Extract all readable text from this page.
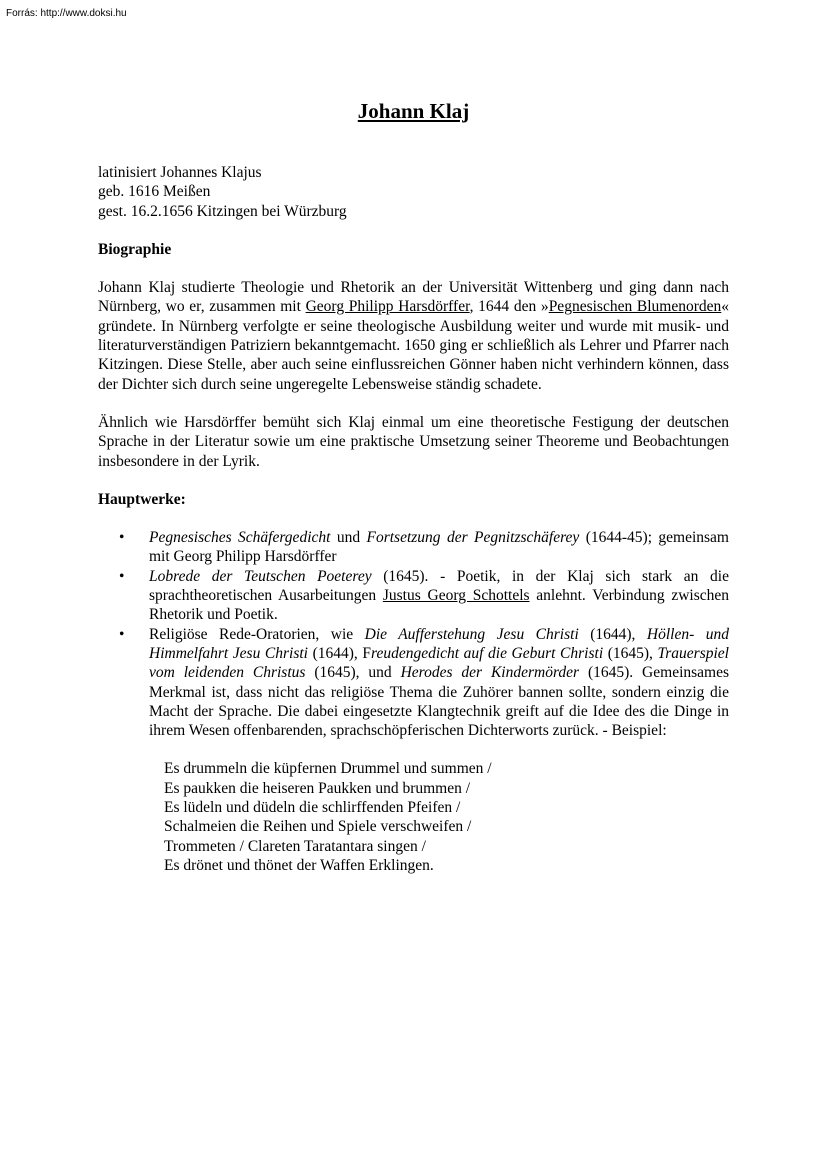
Forrás: http://www.doksi.hu
Johann Klaj

latinisiert Johannes Klajus

geb. 1616 Meißen

gest. 16.2.1656 Kitzingen bei Würzburg

Biographie

Johann Klaj studierte Theologie und Rhetorik an der Universität Wittenberg und ging dann nach Nürnberg, wo er, zusammen mit Georg Philipp Harsdörffer, 1644 den »Pegnesischen Blumenorden« gründete. In Nürnberg verfolgte er seine theologische Ausbildung weiter und wurde mit musik- und literaturverständigen Patriziern bekanntgemacht. 1650 ging er schließlich als Lehrer und Pfarrer nach Kitzingen. Diese Stelle, aber auch seine einflussreichen Gönner haben nicht verhindern können, dass der Dichter sich durch seine ungeregelte Lebensweise ständig schadete.

Ähnlich wie Harsdörffer bemüht sich Klaj einmal um eine theoretische Festigung der deutschen Sprache in der Literatur sowie um eine praktische Umsetzung seiner Theoreme und Beobachtungen insbesondere in der Lyrik.

Hauptwerke:
• Pegnesisches Schäfergedicht und Fortsetzung der Pegnitzschäferey (1644-45); gemeinsam mit Georg Philipp Harsdörffer
• Lobrede der Teutschen Poeterey (1645). - Poetik, in der Klaj sich stark an die sprachtheoretischen Ausarbeitungen Justus Georg Schottels anlehnt. Verbindung zwischen Rhetorik und Poetik.
• Religiöse Rede-Oratorien, wie Die Aufferstehung Jesu Christi (1644), Höllen- und Himmelfahrt Jesu Christi (1644), Freudengedicht auf die Geburt Christi (1645), Trauerspiel vom leidenden Christus (1645), und Herodes der Kindermörder (1645). Gemeinsames Merkmal ist, dass nicht das religiöse Thema die Zuhörer bannen sollte, sondern einzig die Macht der Sprache. Die dabei eingesetzte Klangtechnik greift auf die Idee des die Dinge in ihrem Wesen offenbarenden, sprachschöpferischen Dichterworts zurück. - Beispiel:
Es drummeln die küpfernen Drummel und summen /
Es paukken die heiseren Paukken und brummen /
Es lüdeln und düdeln die schlirffenden Pfeifen /
Schalmeien die Reihen und Spiele verschweifen /
Trommeten / Clareten Taratantara singen /
Es drönet und thönet der Waffen Erklingen.
